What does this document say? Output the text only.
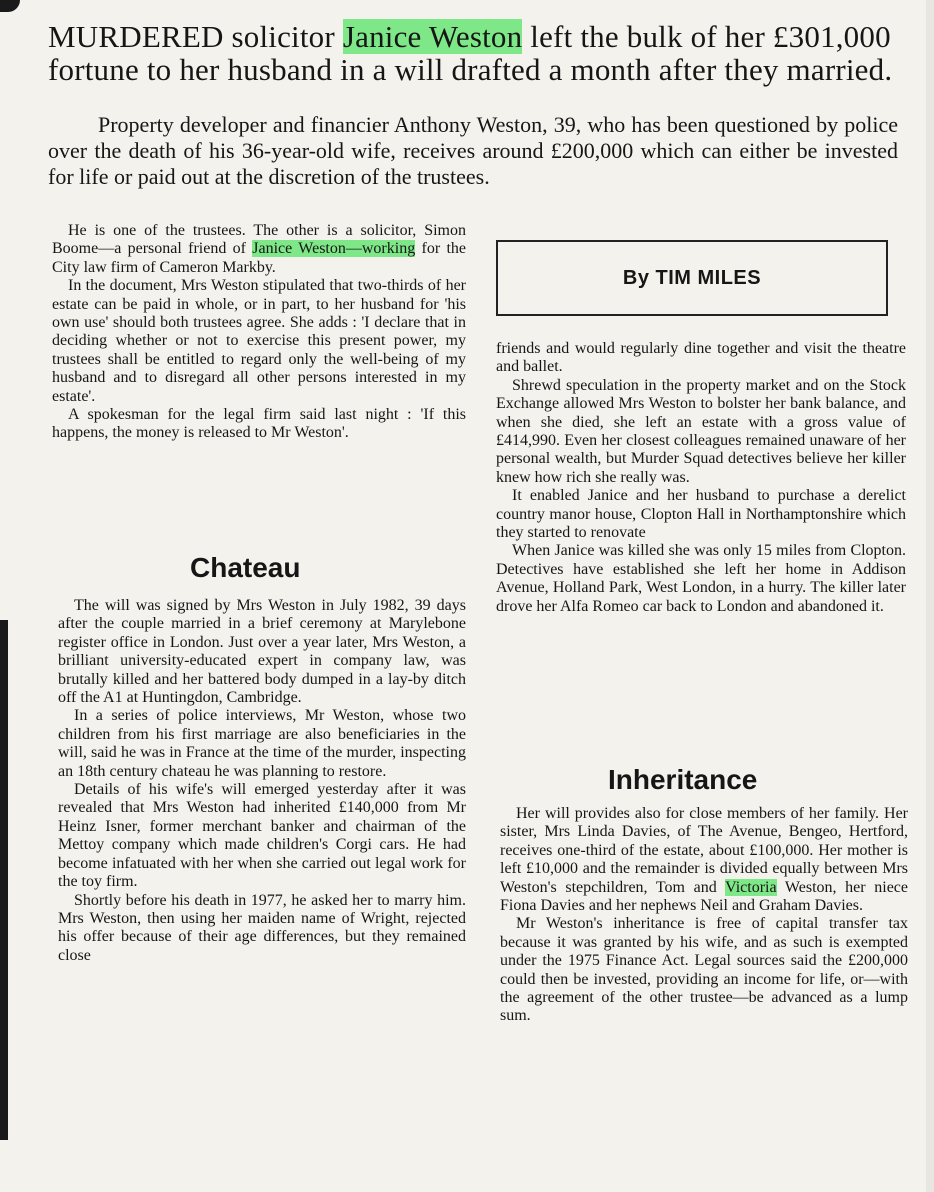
MURDERED solicitor Janice Weston left the bulk of her £301,000 fortune to her husband in a will drafted a month after they married.

Property developer and financier Anthony Weston, 39, who has been questioned by police over the death of his 36-year-old wife, receives around £200,000 which can either be invested for life or paid out at the discretion of the trustees.

He is one of the trustees. The other is a solicitor, Simon Boome—a personal friend of Janice Weston—working for the City law firm of Cameron Markby.

In the document, Mrs Weston stipulated that two-thirds of her estate can be paid in whole, or in part, to her husband for 'his own use' should both trustees agree. She adds : 'I declare that in deciding whether or not to exercise this present power, my trustees shall be entitled to regard only the well-being of my husband and to disregard all other persons interested in my estate'.

A spokesman for the legal firm said last night : 'If this happens, the money is released to Mr Weston'.

By TIM MILES

friends and would regularly dine together and visit the theatre and ballet.

Shrewd speculation in the property market and on the Stock Exchange allowed Mrs Weston to bolster her bank balance, and when she died, she left an estate with a gross value of £414,990. Even her closest colleagues remained unaware of her personal wealth, but Murder Squad detectives believe her killer knew how rich she really was.

It enabled Janice and her husband to purchase a derelict country manor house, Clopton Hall in Northamptonshire which they started to renovate

When Janice was killed she was only 15 miles from Clopton. Detectives have established she left her home in Addison Avenue, Holland Park, West London, in a hurry. The killer later drove her Alfa Romeo car back to London and abandoned it.

Chateau

The will was signed by Mrs Weston in July 1982, 39 days after the couple married in a brief ceremony at Marylebone register office in London. Just over a year later, Mrs Weston, a brilliant university-educated expert in company law, was brutally killed and her battered body dumped in a lay-by ditch off the A1 at Huntingdon, Cambridge.

In a series of police interviews, Mr Weston, whose two children from his first marriage are also beneficiaries in the will, said he was in France at the time of the murder, inspecting an 18th century chateau he was planning to restore.

Details of his wife's will emerged yesterday after it was revealed that Mrs Weston had inherited £140,000 from Mr Heinz Isner, former merchant banker and chairman of the Mettoy company which made children's Corgi cars. He had become infatuated with her when she carried out legal work for the toy firm.

Shortly before his death in 1977, he asked her to marry him. Mrs Weston, then using her maiden name of Wright, rejected his offer because of their age differences, but they remained close

Inheritance

Her will provides also for close members of her family. Her sister, Mrs Linda Davies, of The Avenue, Bengeo, Hertford, receives one-third of the estate, about £100,000. Her mother is left £10,000 and the remainder is divided equally between Mrs Weston's stepchildren, Tom and Victoria Weston, her niece Fiona Davies and her nephews Neil and Graham Davies.

Mr Weston's inheritance is free of capital transfer tax because it was granted by his wife, and as such is exempted under the 1975 Finance Act. Legal sources said the £200,000 could then be invested, providing an income for life, or—with the agreement of the other trustee—be advanced as a lump sum.
